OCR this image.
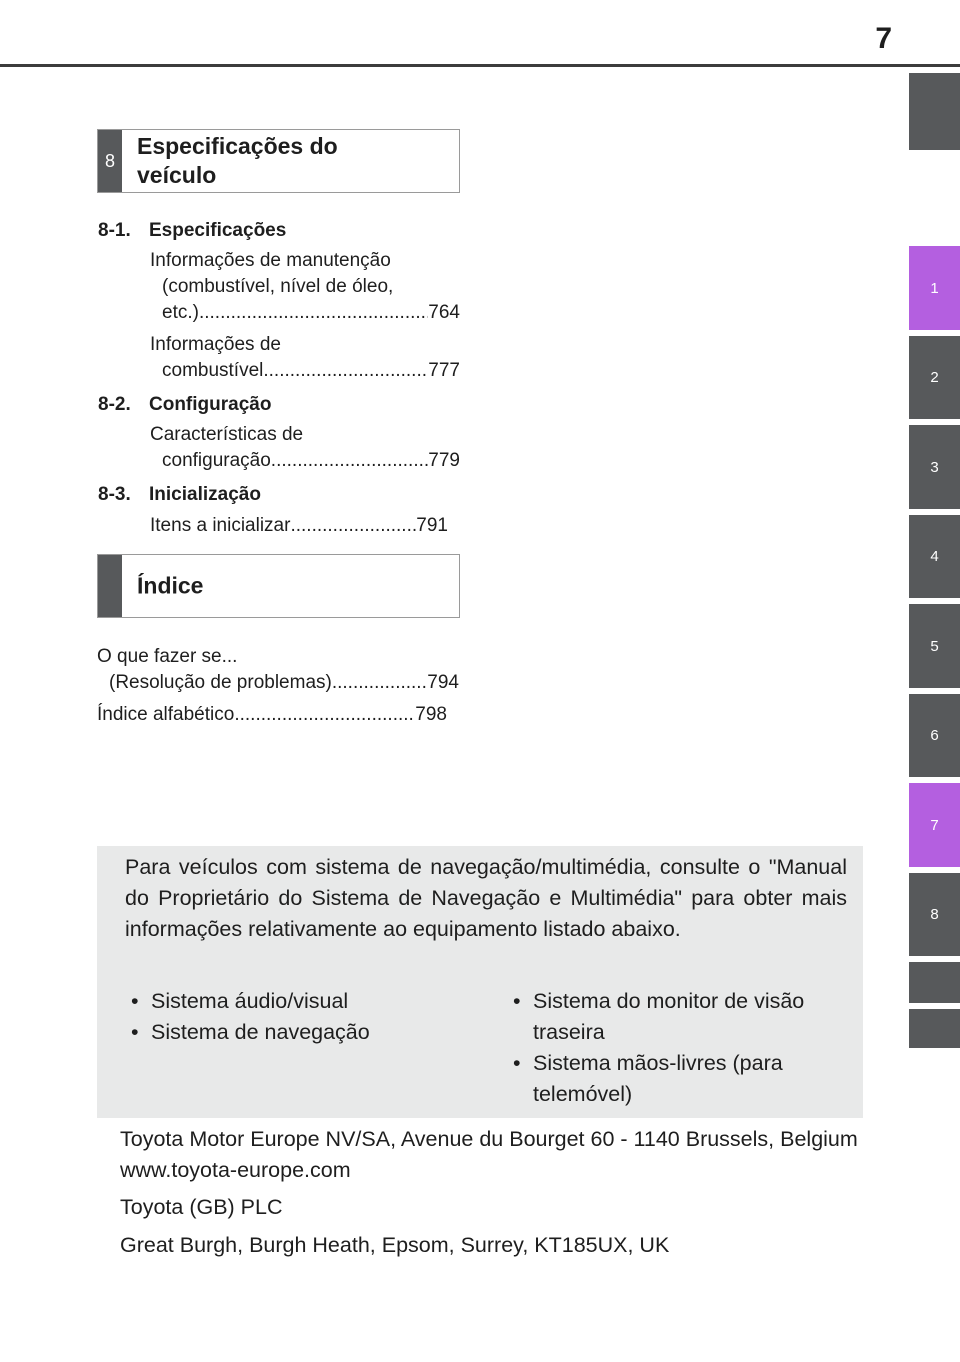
7
1
2
3
4
5
6
7
8
8
Especificações do
veículo
8-1. Especificações
Informações de manutenção
(combustível, nível de óleo,
etc.) .....	764
Informações de
combustível .....	777
8-2. Configuração
Características de
configuração .....	779
8-3. Inicialização
Itens a inicializar .....	791
Índice
O que fazer se...
(Resolução de problemas) .....	794
Índice alfabético .....	798
Para veículos com sistema de navegação/multimédia, consulte o "Manual do Proprietário do Sistema de Navegação e Multimédia" para obter mais informações relativamente ao equipamento listado abaixo.
• Sistema áudio/visual
• Sistema de navegação
• Sistema do monitor de visão traseira
• Sistema mãos-livres (para telemóvel)
Toyota Motor Europe NV/SA, Avenue du Bourget 60 - 1140 Brussels, Belgium www.toyota-europe.com
Toyota (GB) PLC
Great Burgh, Burgh Heath, Epsom, Surrey, KT185UX, UK
